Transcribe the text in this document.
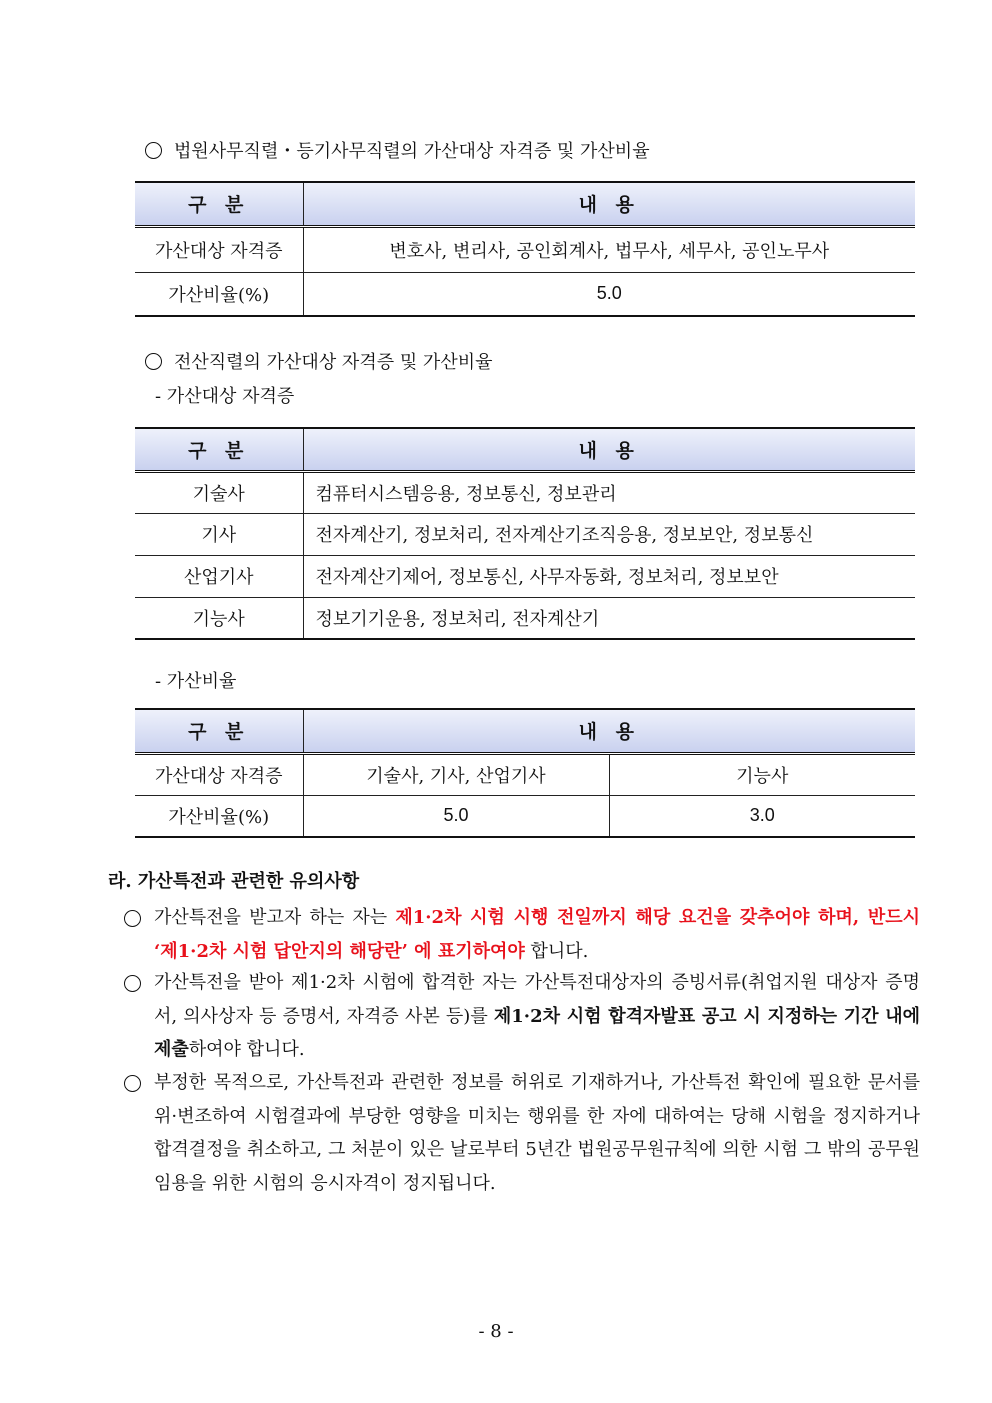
법원사무직렬・등기사무직렬의 가산대상 자격증 및 가산비율
구 분	내 용
가산대상 자격증	변호사, 변리사, 공인회계사, 법무사, 세무사, 공인노무사
가산비율(%)	5.0
전산직렬의 가산대상 자격증 및 가산비율
- 가산대상 자격증
구 분	내 용
기술사	컴퓨터시스템응용, 정보통신, 정보관리
기사	전자계산기, 정보처리, 전자계산기조직응용, 정보보안, 정보통신
산업기사	전자계산기제어, 정보통신, 사무자동화, 정보처리, 정보보안
기능사	정보기기운용, 정보처리, 전자계산기
- 가산비율
구 분	내 용	
가산대상 자격증	기술사, 기사, 산업기사	기능사
가산비율(%)	5.0	3.0
라. 가산특전과 관련한 유의사항
가산특전을 받고자 하는 자는 제1·2차 시험 시행 전일까지 해당 요건을 갖추어야 하며, 반드시 ‘제1·2차 시험 답안지의 해당란’ 에 표기하여야 합니다.
가산특전을 받아 제1·2차 시험에 합격한 자는 가산특전대상자의 증빙서류(취업지원 대상자 증명서, 의사상자 등 증명서, 자격증 사본 등)를 제1·2차 시험 합격자발표 공고 시 지정하는 기간 내에 제출하여야 합니다.
부정한 목적으로, 가산특전과 관련한 정보를 허위로 기재하거나, 가산특전 확인에 필요한 문서를 위·변조하여 시험결과에 부당한 영향을 미치는 행위를 한 자에 대하여는 당해 시험을 정지하거나 합격결정을 취소하고, 그 처분이 있은 날로부터 5년간 법원공무원규칙에 의한 시험 그 밖의 공무원 임용을 위한 시험의 응시자격이 정지됩니다.
- 8 -
